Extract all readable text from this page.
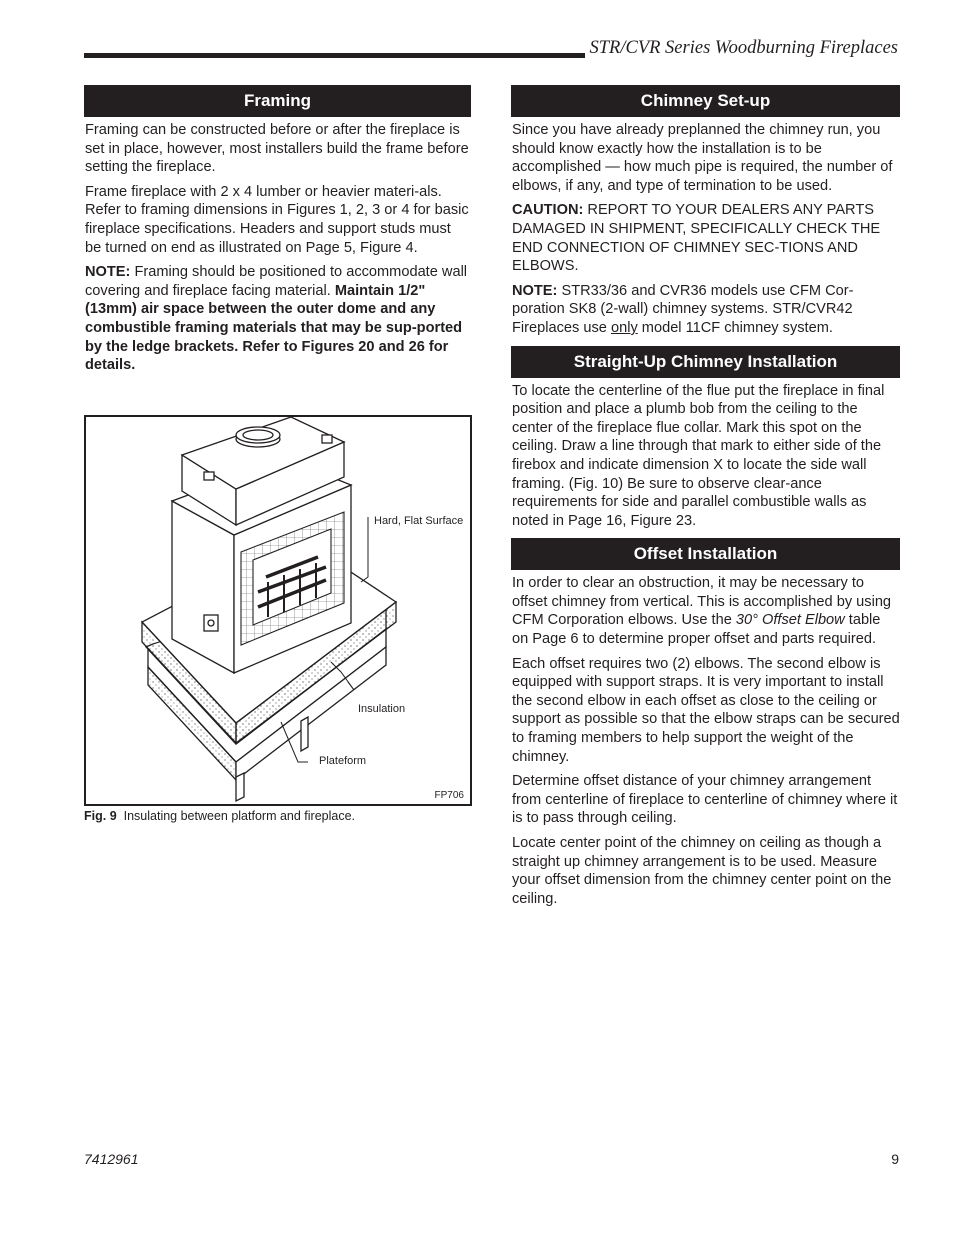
STR/CVR Series Woodburning Fireplaces
Framing

Framing can be constructed before or after the fireplace is set in place, however, most installers build the frame before setting the fireplace.

Frame fireplace with 2 x 4 lumber or heavier materi-als. Refer to framing dimensions in Figures 1, 2, 3 or 4 for basic fireplace specifications. Headers and support studs must be turned on end as illustrated on Page 5, Figure 4.

NOTE: Framing should be positioned to accommodate wall covering and fireplace facing material. Maintain 1/2" (13mm) air space between the outer dome and any combustible framing materials that may be sup-ported by the ledge brackets. Refer to Figures 20 and 26 for details.

Hard, Flat Surface
Insulation
Plateform
FP706
Fig. 9 Insulating between platform and fireplace.
Chimney Set-up

Since you have already preplanned the chimney run, you should know exactly how the installation is to be accomplished — how much pipe is required, the number of elbows, if any, and type of termination to be used.

CAUTION: REPORT TO YOUR DEALERS ANY PARTS DAMAGED IN SHIPMENT, SPECIFICALLY CHECK THE END CONNECTION OF CHIMNEY SEC-TIONS AND ELBOWS.

NOTE: STR33/36 and CVR36 models use CFM Cor-poration SK8 (2-wall) chimney systems. STR/CVR42 Fireplaces use only model 11CF chimney system.

Straight-Up Chimney Installation

To locate the centerline of the flue put the fireplace in final position and place a plumb bob from the ceiling to the center of the fireplace flue collar. Mark this spot on the ceiling. Draw a line through that mark to either side of the firebox and indicate dimension X to locate the side wall framing. (Fig. 10) Be sure to observe clear-ance requirements for side and parallel combustible walls as noted in Page 16, Figure 23.

Offset Installation

In order to clear an obstruction, it may be necessary to offset chimney from vertical. This is accomplished by using CFM Corporation elbows. Use the 30° Offset Elbow table on Page 6 to determine proper offset and parts required.

Each offset requires two (2) elbows. The second elbow is equipped with support straps. It is very important to install the second elbow in each offset as close to the ceiling or support as possible so that the elbow straps can be secured to framing members to help support the weight of the chimney.

Determine offset distance of your chimney arrangement from centerline of fireplace to centerline of chimney where it is to pass through ceiling.

Locate center point of the chimney on ceiling as though a straight up chimney arrangement is to be used. Measure your offset dimension from the chimney center point on the ceiling.

7412961	9
